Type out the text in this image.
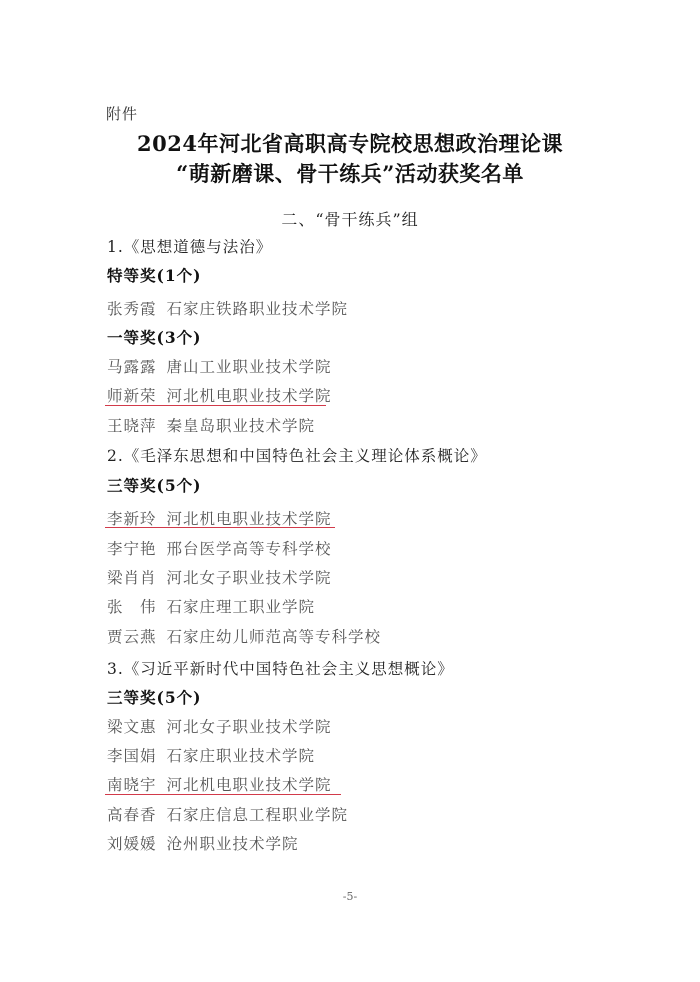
附件
2024年河北省高职高专院校思想政治理论课
“萌新磨课、骨干练兵”活动获奖名单
二、“骨干练兵”组
1.《思想道德与法治》
特等奖(1个)
张秀霞 石家庄铁路职业技术学院
一等奖(3个)
马露露 唐山工业职业技术学院
师新荣 河北机电职业技术学院
王晓萍 秦皇岛职业技术学院
2.《毛泽东思想和中国特色社会主义理论体系概论》
三等奖(5个)
李新玲 河北机电职业技术学院
李宁艳 邢台医学高等专科学校
梁肖肖 河北女子职业技术学院
张　伟 石家庄理工职业学院
贾云燕 石家庄幼儿师范高等专科学校
3.《习近平新时代中国特色社会主义思想概论》
三等奖(5个)
梁文惠 河北女子职业技术学院
李国娟 石家庄职业技术学院
南晓宇 河北机电职业技术学院
高春香 石家庄信息工程职业学院
刘媛媛 沧州职业技术学院
-5-
